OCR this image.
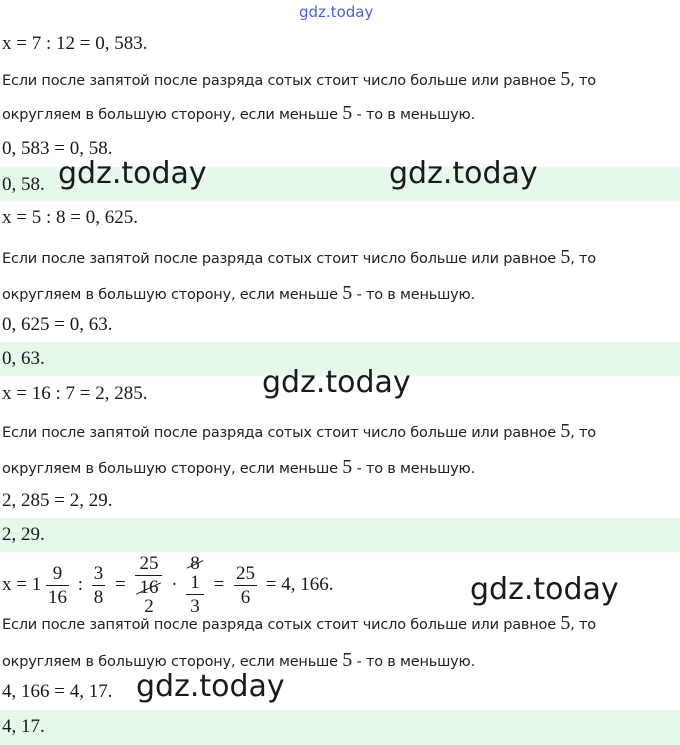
gdz.today
x = 7 : 12 = 0, 583.
Если после запятой после разряда сотых стоит число больше или равное 5, то
округляем в большую сторону, если меньше 5 - то в меньшую.
0, 583 = 0, 58.
0, 58. gdz.today	gdz.today
x = 5 : 8 = 0, 625.
Если после запятой после разряда сотых стоит число больше или равное 5, то
округляем в большую сторону, если меньше 5 - то в меньшую.
0, 625 = 0, 63.
0, 63.
x = 16 : 7 = 2, 285.	gdz.today
Если после запятой после разряда сотых стоит число больше или равное 5, то
округляем в большую сторону, если меньше 5 - то в меньшую.
2, 285 = 2, 29.
2, 29.
$x = 1 \frac{9}{16}$ : $\frac{3}{8} = 25$
16
2 · 8
1
$3 = \frac{25}{6} = 4$, 166.	gdz.today
Если после запятой после разряда сотых стоит число больше или равное 5, то
округляем в большую сторону, если меньше 5 - то в меньшую.
4, 166 = 4, 17. gdz.today
4, 17.
